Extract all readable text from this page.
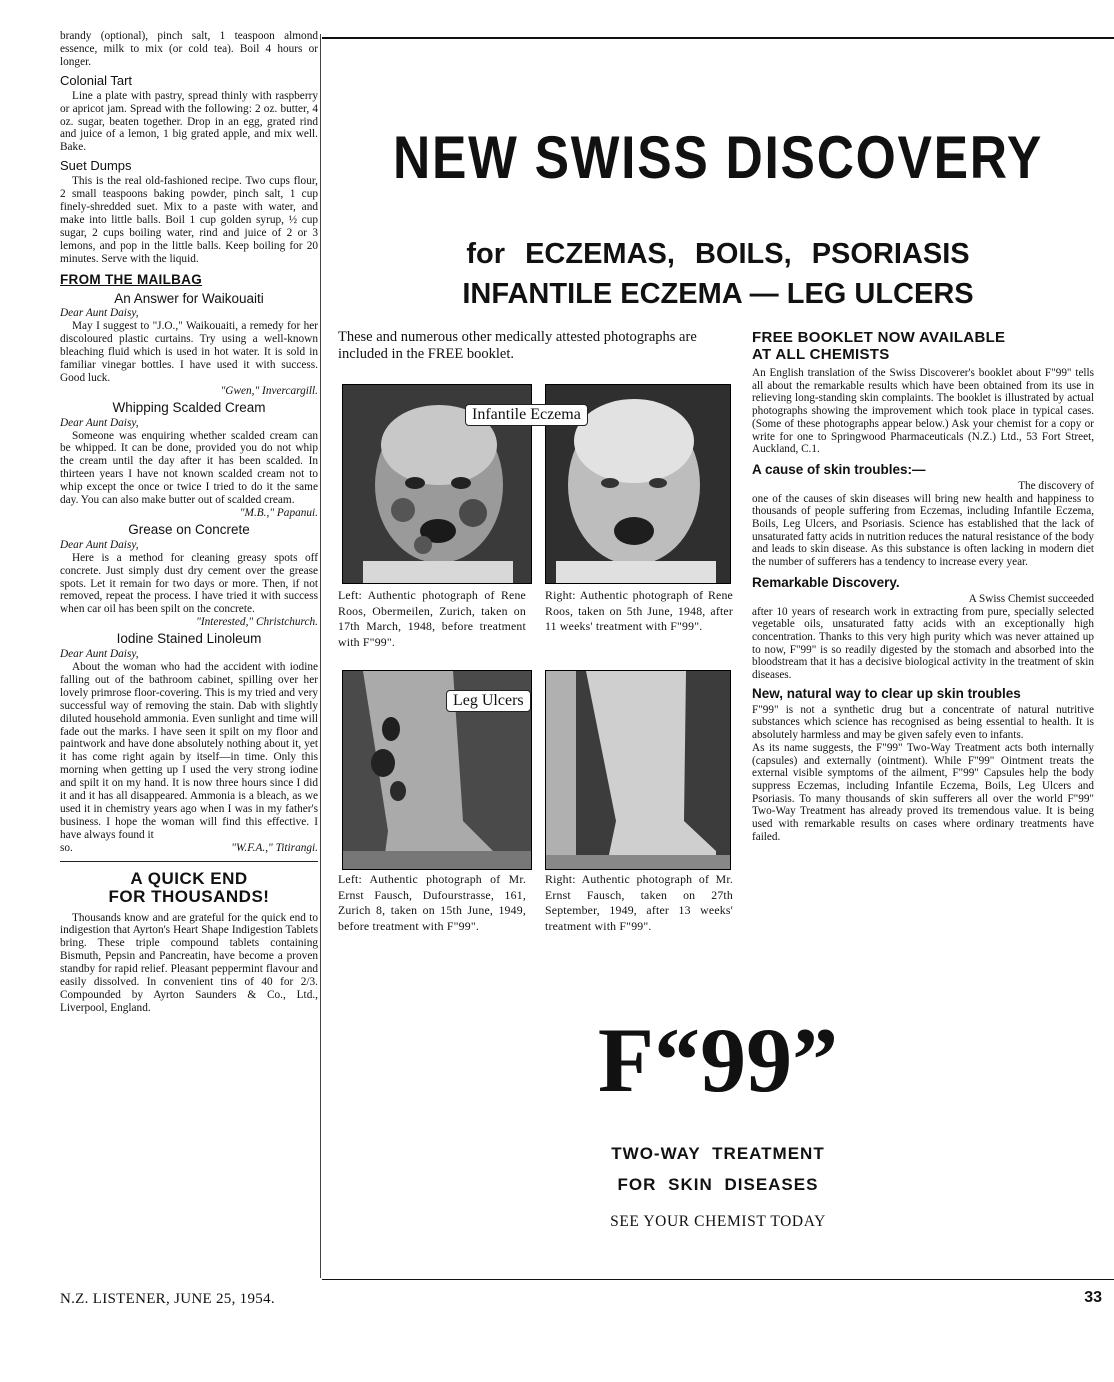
brandy (optional), pinch salt, 1 teaspoon almond essence, milk to mix (or cold tea). Boil 4 hours or longer.

Colonial Tart

Line a plate with pastry, spread thinly with raspberry or apricot jam. Spread with the following: 2 oz. butter, 4 oz. sugar, beaten together. Drop in an egg, grated rind and juice of a lemon, 1 big grated apple, and mix well. Bake.

Suet Dumps

This is the real old-fashioned recipe. Two cups flour, 2 small teaspoons baking powder, pinch salt, 1 cup finely-shredded suet. Mix to a paste with water, and make into little balls. Boil 1 cup golden syrup, ½ cup sugar, 2 cups boiling water, rind and juice of 2 or 3 lemons, and pop in the little balls. Keep boiling for 20 minutes. Serve with the liquid.

FROM THE MAILBAG
An Answer for Waikouaiti

Dear Aunt Daisy,

May I suggest to "J.O.," Waikouaiti, a remedy for her discoloured plastic curtains. Try using a well-known bleaching fluid which is used in hot water. It is sold in familiar vinegar bottles. I have used it with success. Good luck.

"Gwen," Invercargill.

Whipping Scalded Cream

Dear Aunt Daisy,

Someone was enquiring whether scalded cream can be whipped. It can be done, provided you do not whip the cream until the day after it has been scalded. In thirteen years I have not known scalded cream not to whip except the once or twice I tried to do it the same day. You can also make butter out of scalded cream.

"M.B.," Papanui.

Grease on Concrete

Dear Aunt Daisy,

Here is a method for cleaning greasy spots off concrete. Just simply dust dry cement over the grease spots. Let it remain for two days or more. Then, if not removed, repeat the process. I have tried it with success when car oil has been spilt on the concrete.

"Interested," Christchurch.

Iodine Stained Linoleum

Dear Aunt Daisy,

About the woman who had the accident with iodine falling out of the bathroom cabinet, spilling over her lovely primrose floor-covering. This is my tried and very successful way of removing the stain. Dab with slightly diluted household ammonia. Even sunlight and time will fade out the marks. I have seen it spilt on my floor and paintwork and have done absolutely nothing about it, yet it has come right again by itself—in time. Only this morning when getting up I used the very strong iodine and spilt it on my hand. It is now three hours since I did it and it has all disappeared. Ammonia is a bleach, as we used it in chemistry years ago when I was in my father's business. I hope the woman will find this effective. I have always found it

so.	"W.F.A.," Titirangi.
A QUICK END
FOR THOUSANDS!

Thousands know and are grateful for the quick end to indigestion that Ayrton's Heart Shape Indigestion Tablets bring. These triple compound tablets containing Bismuth, Pepsin and Pancreatin, have become a proven standby for rapid relief. Pleasant peppermint flavour and easily dissolved. In convenient tins of 40 for 2/3. Compounded by Ayrton Saunders & Co., Ltd., Liverpool, England.

NEW SWISS DISCOVERY
for ECZEMAS, BOILS, PSORIASIS
INFANTILE ECZEMA — LEG ULCERS

These and numerous other medically attested photographs are included in the FREE booklet.

Infantile Eczema

Left: Authentic photograph of Rene Roos, Obermeilen, Zurich, taken on 17th March, 1948, before treatment with F"99".

Right: Authentic photograph of Rene Roos, taken on 5th June, 1948, after 11 weeks' treatment with F"99".

Leg Ulcers

Left: Authentic photograph of Mr. Ernst Fausch, Dufourstrasse, 161, Zurich 8, taken on 15th June, 1949, before treatment with F"99".

Right: Authentic photograph of Mr. Ernst Fausch, taken on 27th September, 1949, after 13 weeks' treatment with F"99".

FREE BOOKLET NOW AVAILABLE
AT ALL CHEMISTS

An English translation of the Swiss Discoverer's booklet about F"99" tells all about the remarkable results which have been obtained from its use in relieving long-standing skin complaints. The booklet is illustrated by actual photographs showing the improvement which took place in typical cases. (Some of these photographs appear below.) Ask your chemist for a copy or write for one to Springwood Pharmaceuticals (N.Z.) Ltd., 53 Fort Street, Auckland, C.1.

A cause of skin troubles:—

The discovery of

one of the causes of skin diseases will bring new health and happiness to thousands of people suffering from Eczemas, including Infantile Eczema, Boils, Leg Ulcers, and Psoriasis. Science has established that the lack of unsaturated fatty acids in nutrition reduces the natural resistance of the body and leads to skin disease. As this substance is often lacking in modern diet the number of sufferers has a tendency to increase every year.

Remarkable Discovery.

A Swiss Chemist succeeded

after 10 years of research work in extracting from pure, specially selected vegetable oils, unsaturated fatty acids with an exceptionally high concentration. Thanks to this very high purity which was never attained up to now, F"99" is so readily digested by the stomach and absorbed into the bloodstream that it has a decisive biological activity in the treatment of skin diseases.

New, natural way to clear up skin troubles

F"99" is not a synthetic drug but a concentrate of natural nutritive substances which science has recognised as being essential to health. It is absolutely harmless and may be given safely even to infants.

As its name suggests, the F"99" Two-Way Treatment acts both internally (capsules) and externally (ointment). While F"99" Ointment treats the external visible symptoms of the ailment, F"99" Capsules help the body suppress Eczemas, including Infantile Eczema, Boils, Leg Ulcers and Psoriasis. To many thousands of skin sufferers all over the world F"99" Two-Way Treatment has already proved its tremendous value. It is being used with remarkable results on cases where ordinary treatments have failed.

F“99”
TWO-WAY TREATMENT
FOR SKIN DISEASES
SEE YOUR CHEMIST TODAY
N.Z. LISTENER, JUNE 25, 1954.	33
